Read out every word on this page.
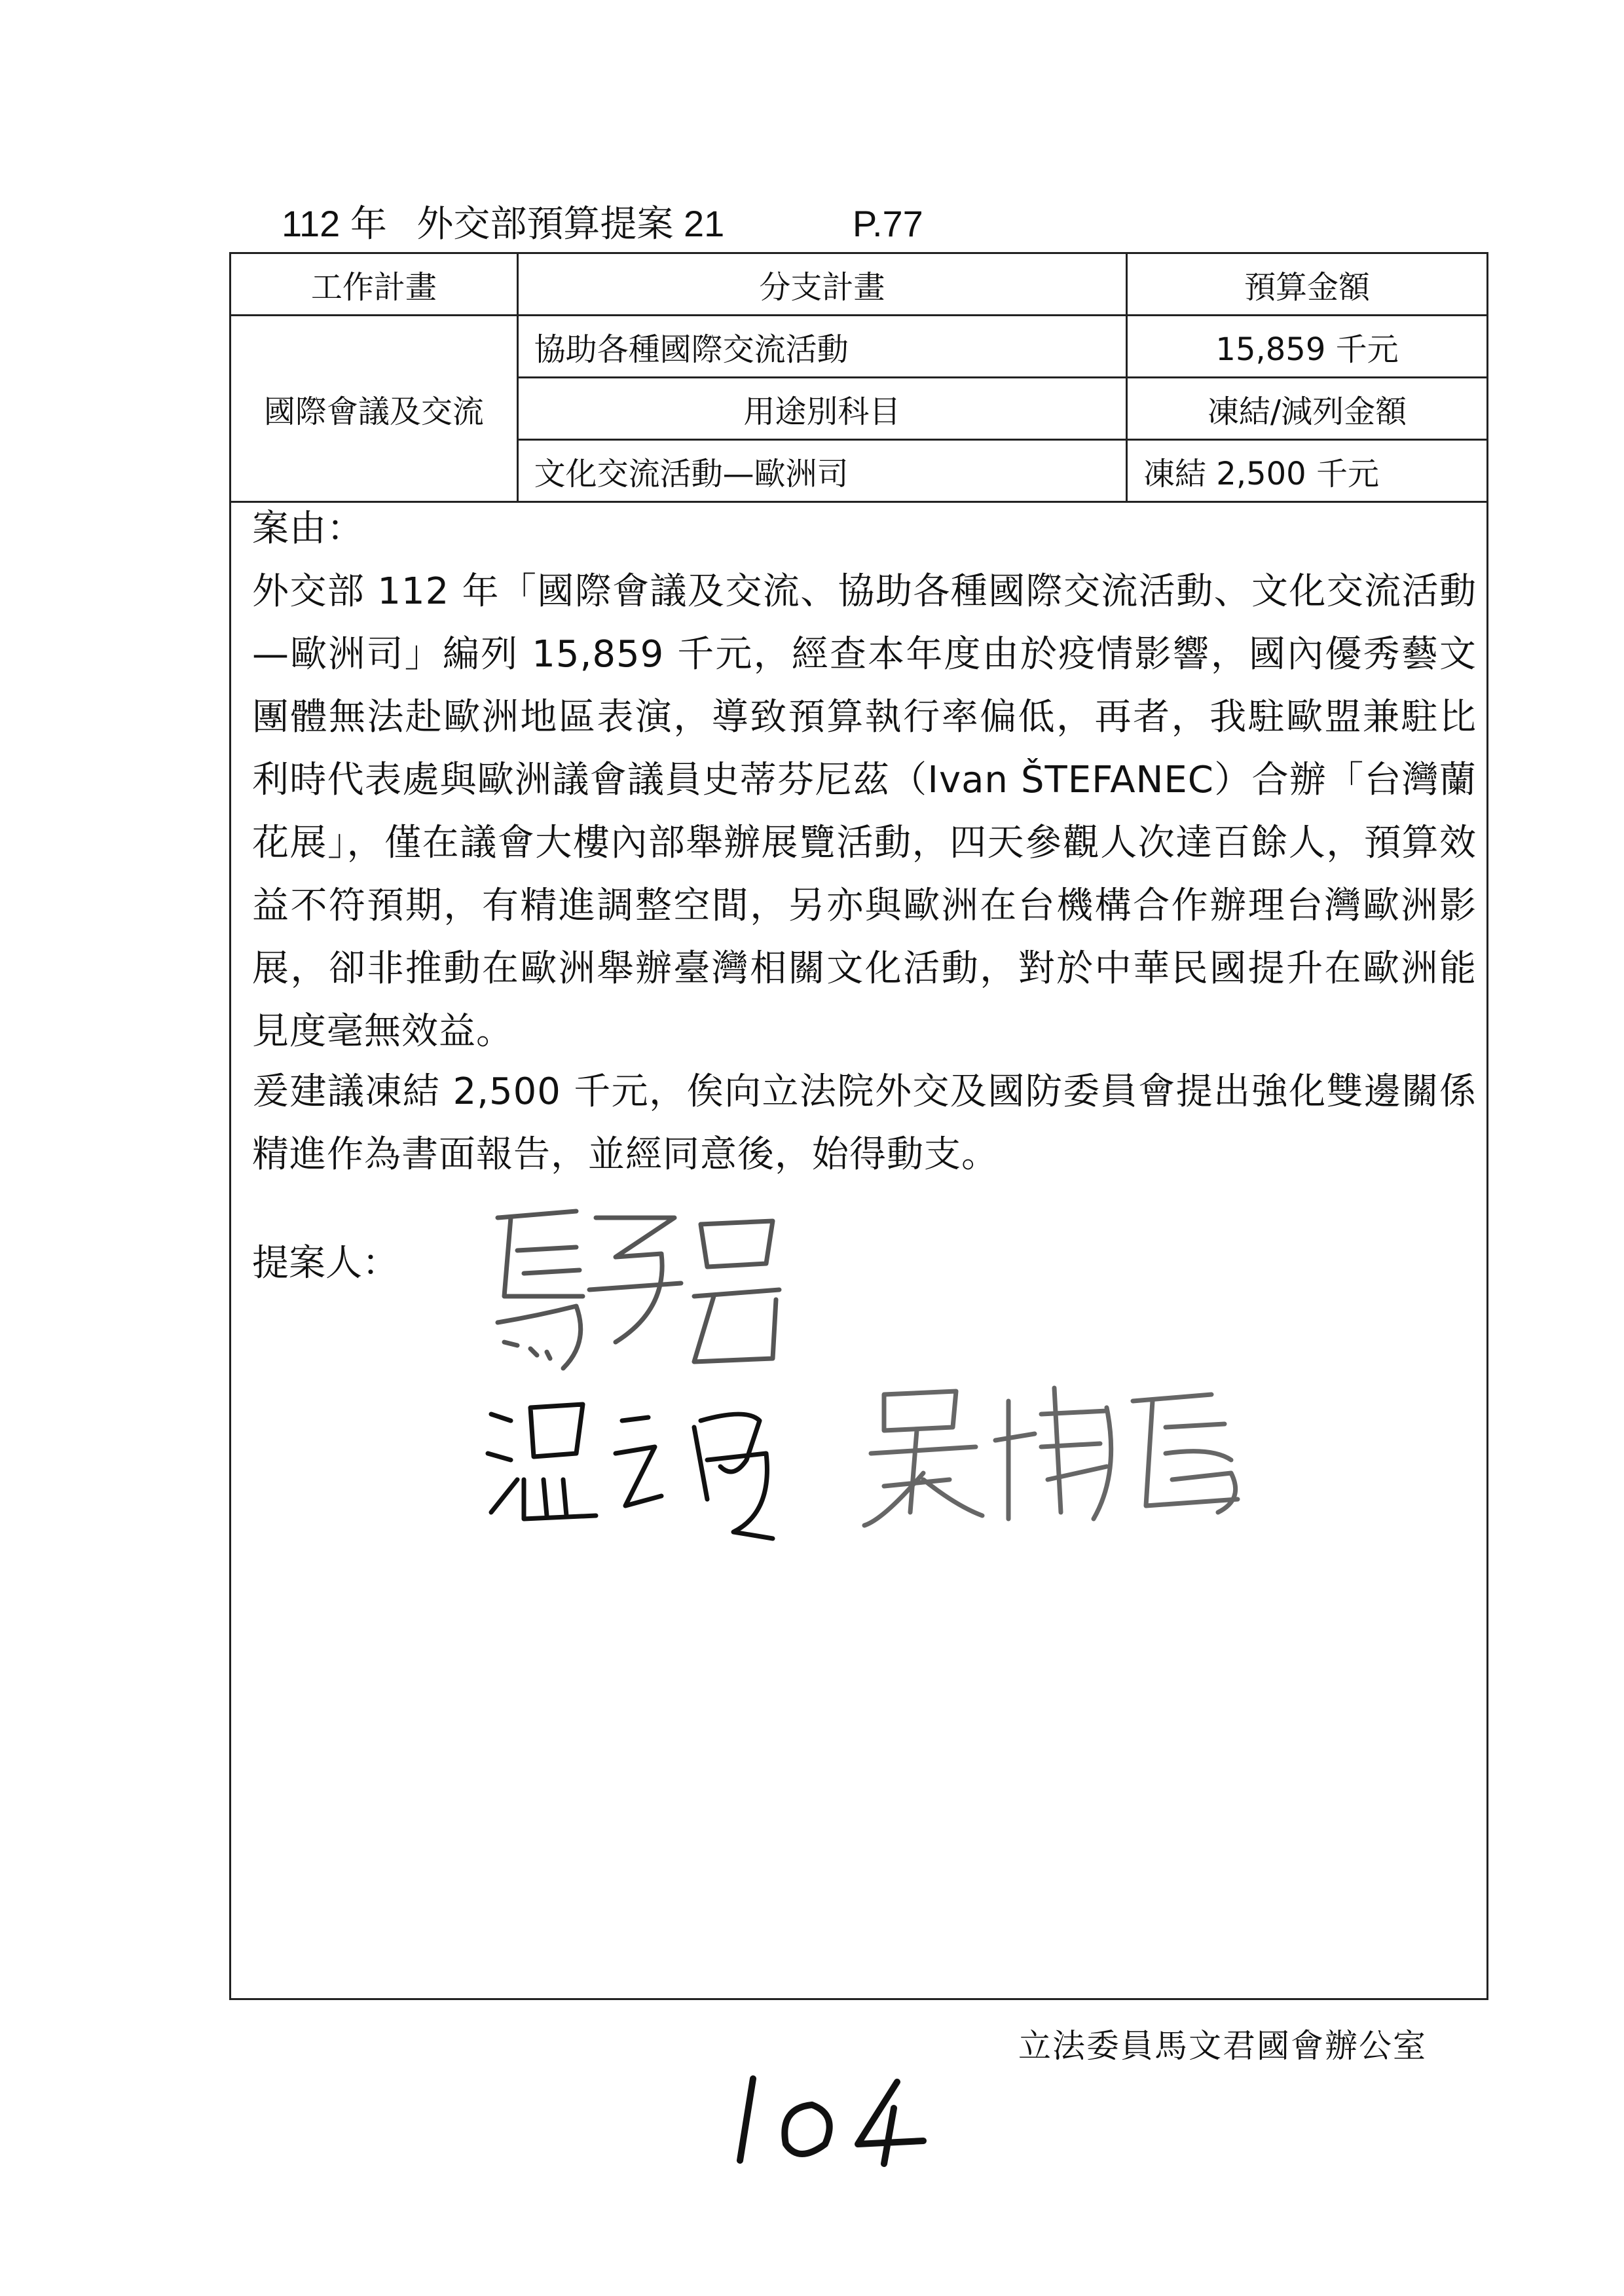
112 年 外交部預算提案 21	P.77
工作計畫	分支計畫	預算金額
國際會議及交流	協助各種國際交流活動	15,859 千元
	用途別科目	凍結/減列金額
	文化交流活動—歐洲司	凍結 2,500 千元
案由：
外交部 112 年「國際會議及交流、協助各種國際交流活動、文化交流活動—歐洲司」編列 15,859 千元，經查本年度由於疫情影響，國內優秀藝文團體無法赴歐洲地區表演，導致預算執行率偏低，再者，我駐歐盟兼駐比利時代表處與歐洲議會議員史蒂芬尼茲（Ivan ŠTEFANEC）合辦「台灣蘭花展」，僅在議會大樓內部舉辦展覽活動，四天參觀人次達百餘人，預算效益不符預期，有精進調整空間，另亦與歐洲在台機構合作辦理台灣歐洲影展，卻非推動在歐洲舉辦臺灣相關文化活動，對於中華民國提升在歐洲能見度毫無效益。
爰建議凍結 2,500 千元，俟向立法院外交及國防委員會提出強化雙邊關係精進作為書面報告，並經同意後，始得動支。
提案人：
立法委員馬文君國會辦公室
